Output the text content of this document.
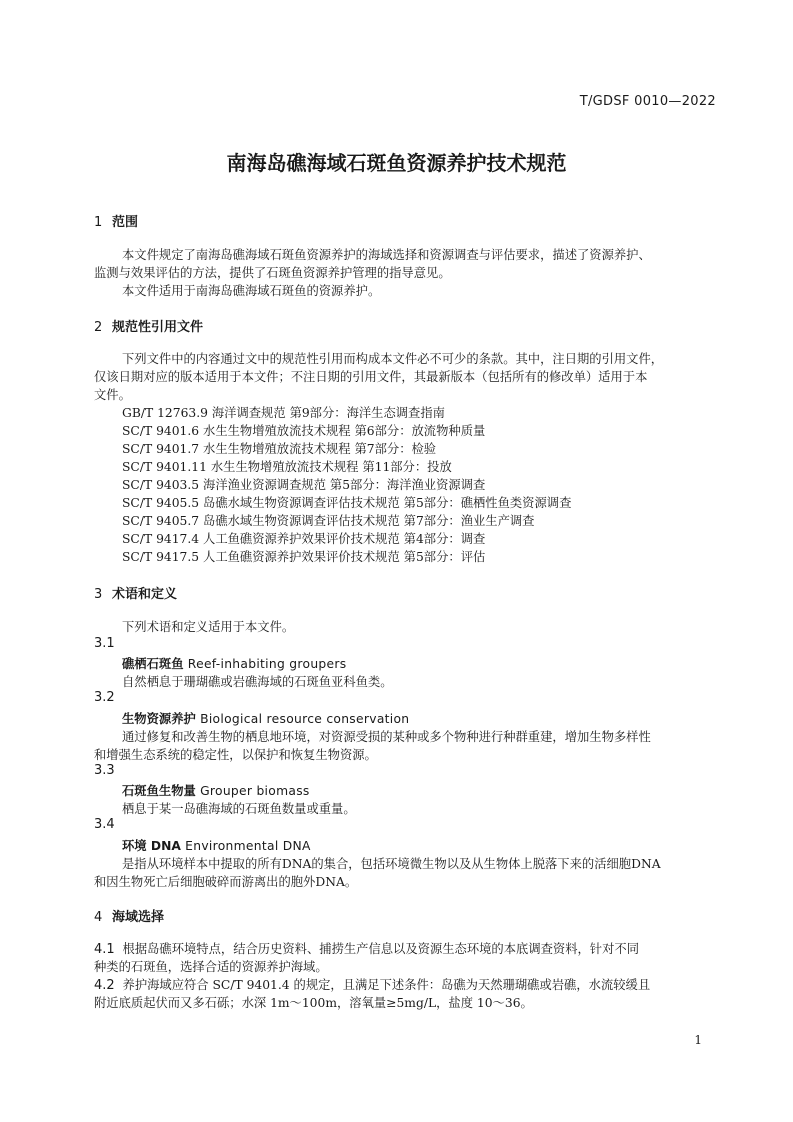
T/GDSF 0010—2022
南海岛礁海域石斑鱼资源养护技术规范
1 范围
本文件规定了南海岛礁海域石斑鱼资源养护的海域选择和资源调查与评估要求，描述了资源养护、
监测与效果评估的方法，提供了石斑鱼资源养护管理的指导意见。
本文件适用于南海岛礁海域石斑鱼的资源养护。
2 规范性引用文件
下列文件中的内容通过文中的规范性引用而构成本文件必不可少的条款。其中，注日期的引用文件，
仅该日期对应的版本适用于本文件；不注日期的引用文件，其最新版本（包括所有的修改单）适用于本
文件。
GB/T 12763.9 海洋调查规范 第9部分：海洋生态调查指南
SC/T 9401.6 水生生物增殖放流技术规程 第6部分：放流物种质量
SC/T 9401.7 水生生物增殖放流技术规程 第7部分：检验
SC/T 9401.11 水生生物增殖放流技术规程 第11部分：投放
SC/T 9403.5 海洋渔业资源调查规范 第5部分：海洋渔业资源调查
SC/T 9405.5 岛礁水域生物资源调查评估技术规范 第5部分：礁栖性鱼类资源调查
SC/T 9405.7 岛礁水域生物资源调查评估技术规范 第7部分：渔业生产调查
SC/T 9417.4 人工鱼礁资源养护效果评价技术规范 第4部分：调查
SC/T 9417.5 人工鱼礁资源养护效果评价技术规范 第5部分：评估
3 术语和定义
下列术语和定义适用于本文件。
3.1
礁栖石斑鱼 Reef-inhabiting groupers
自然栖息于珊瑚礁或岩礁海域的石斑鱼亚科鱼类。
3.2
生物资源养护 Biological resource conservation
通过修复和改善生物的栖息地环境，对资源受损的某种或多个物种进行种群重建，增加生物多样性
和增强生态系统的稳定性，以保护和恢复生物资源。
3.3
石斑鱼生物量 Grouper biomass
栖息于某一岛礁海域的石斑鱼数量或重量。
3.4
环境 DNA Environmental DNA
是指从环境样本中提取的所有DNA的集合，包括环境微生物以及从生物体上脱落下来的活细胞DNA
和因生物死亡后细胞破碎而游离出的胞外DNA。
4 海域选择
4.1 根据岛礁环境特点，结合历史资料、捕捞生产信息以及资源生态环境的本底调查资料，针对不同
种类的石斑鱼，选择合适的资源养护海域。
4.2 养护海域应符合 SC/T 9401.4 的规定，且满足下述条件：岛礁为天然珊瑚礁或岩礁，水流较缓且
附近底质起伏而又多石砾；水深 1m～100m，溶氧量≥5mg/L，盐度 10～36。
1
